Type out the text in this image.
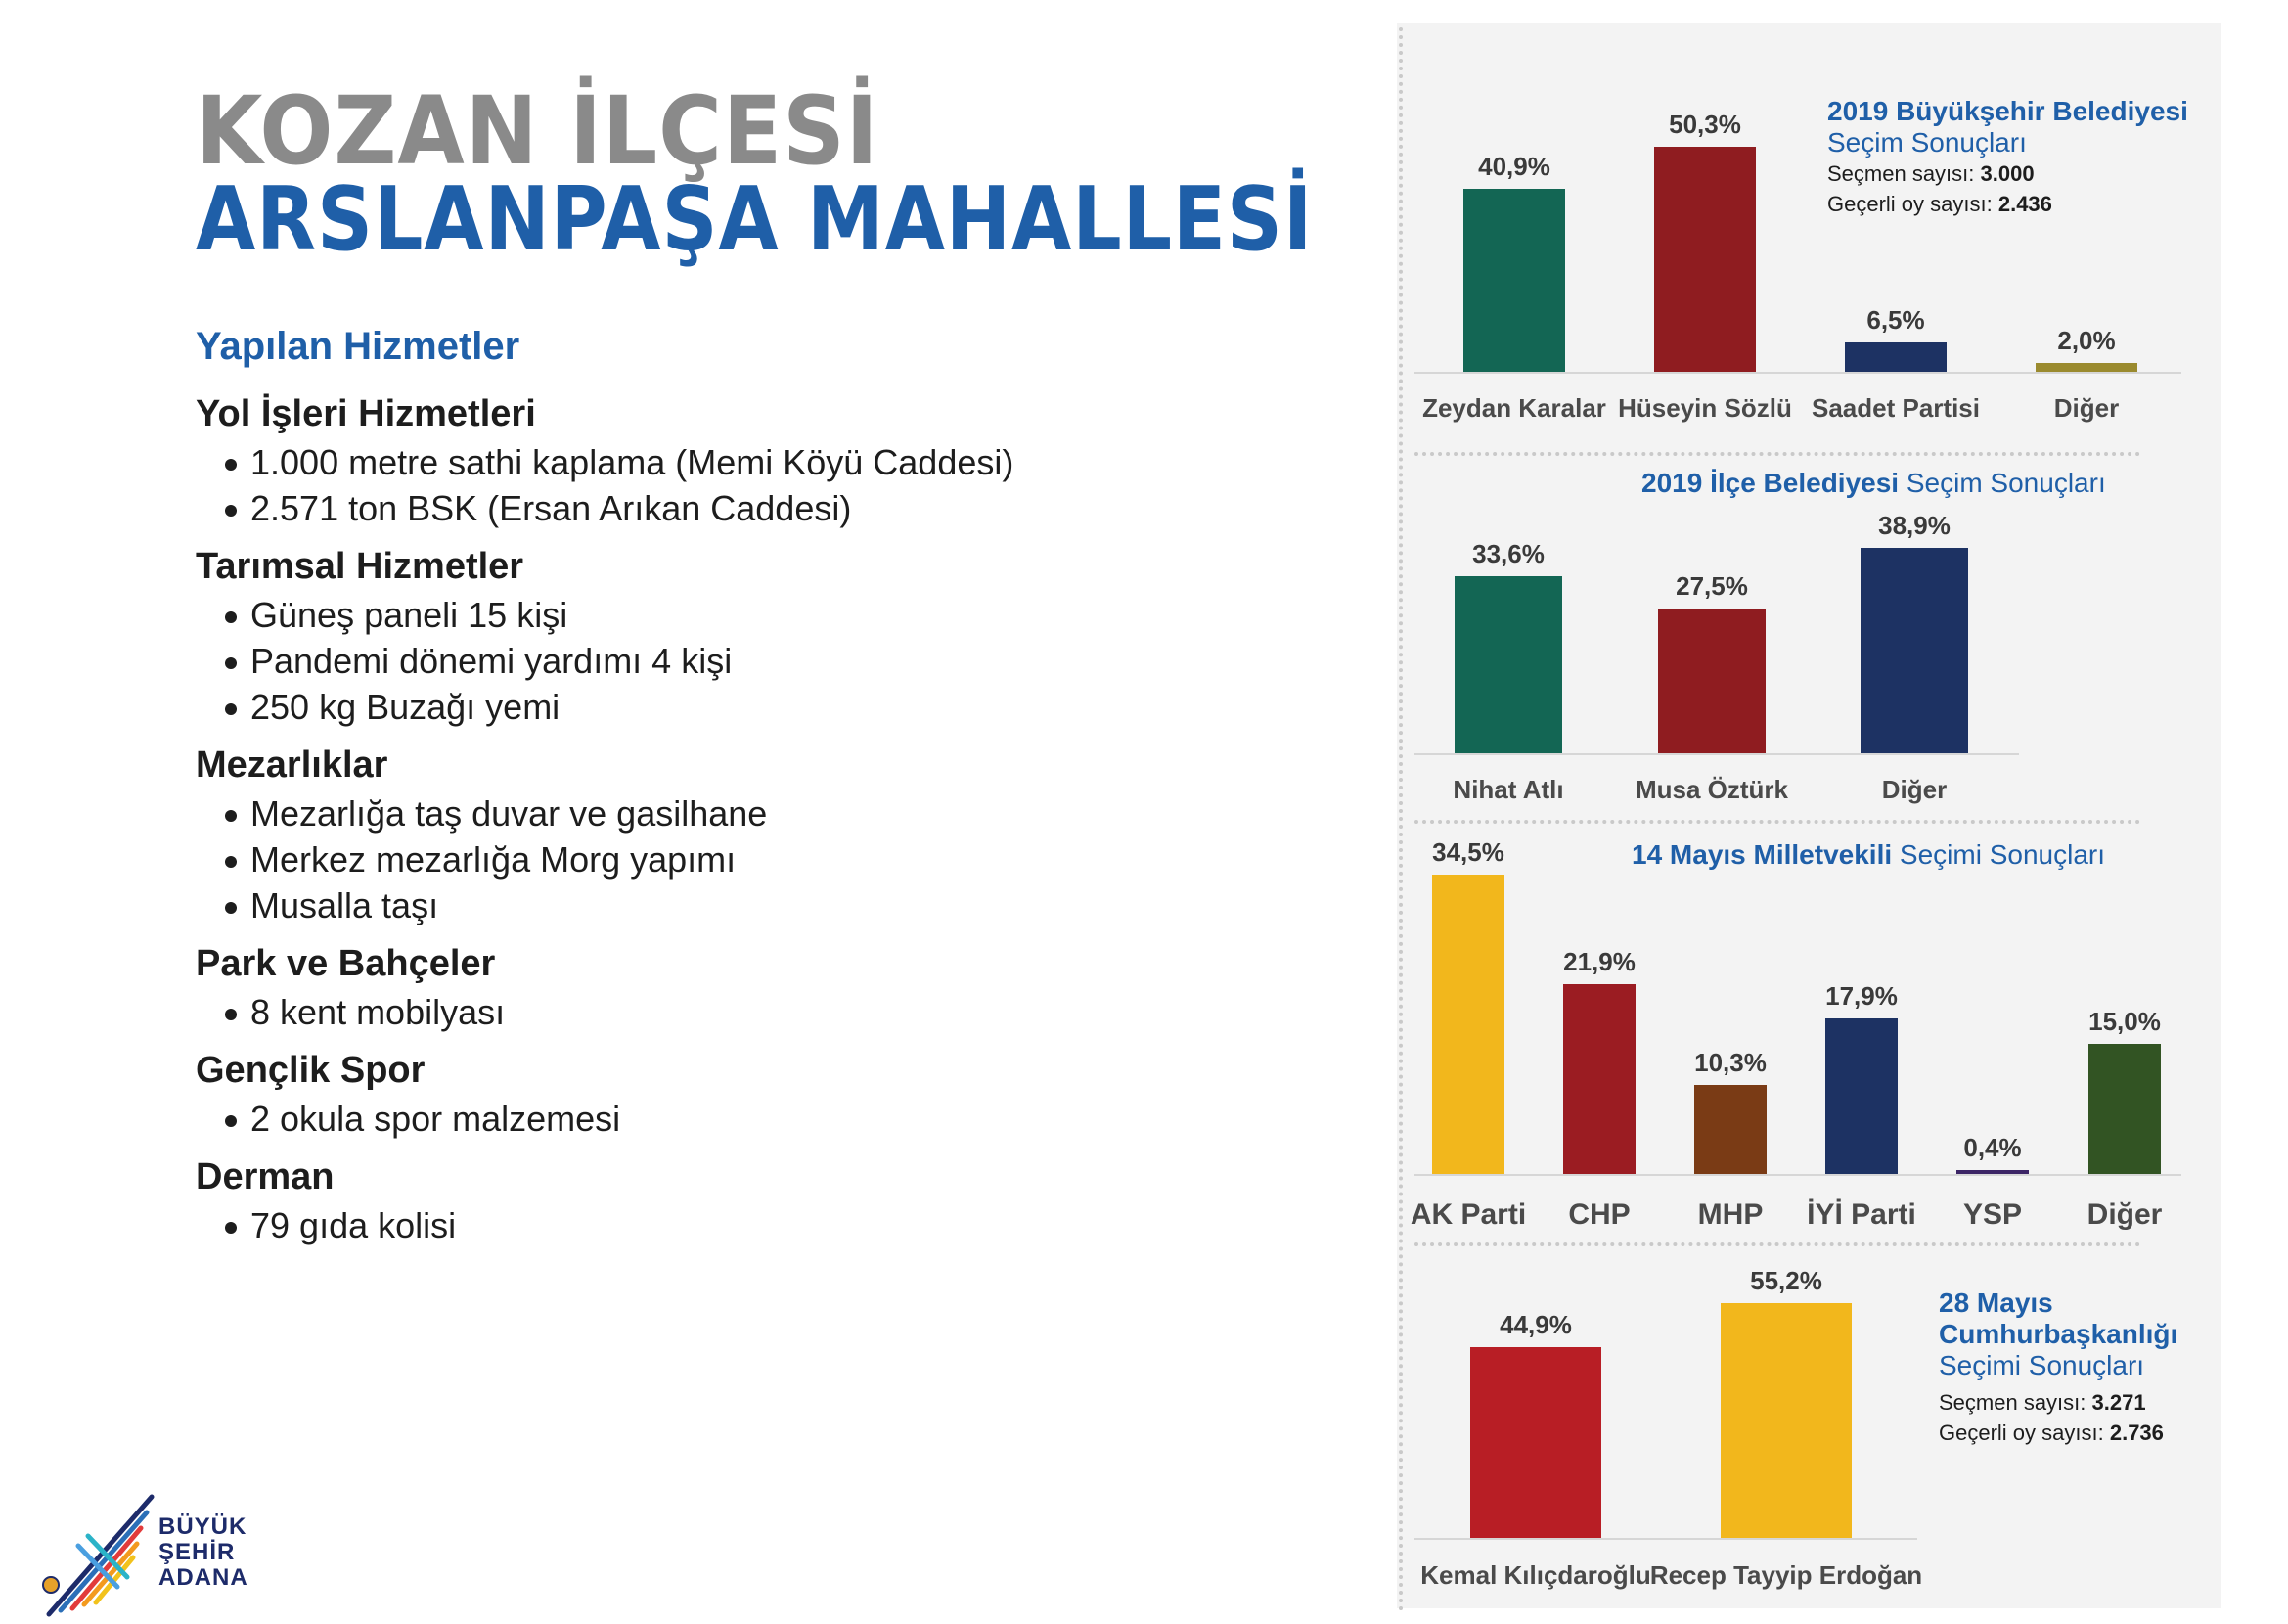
KOZAN İLÇESİ
ARSLANPAŞA MAHALLESİ
Yapılan Hizmetler
Yol İşleri Hizmetleri
1.000 metre sathi kaplama (Memi Köyü Caddesi)
2.571 ton BSK (Ersan Arıkan Caddesi)
Tarımsal Hizmetler
Güneş paneli 15 kişi
Pandemi dönemi yardımı 4 kişi
250 kg Buzağı yemi
Mezarlıklar
Mezarlığa taş duvar ve gasilhane
Merkez mezarlığa Morg yapımı
Musalla taşı
Park ve Bahçeler
8 kent mobilyası
Gençlik Spor
2 okula spor malzemesi
Derman
79 gıda kolisi
BÜYÜK
ŞEHİR
ADANA
2019 Büyükşehir Belediyesi
Seçim Sonuçları
Seçmen sayısı: 3.000
Geçerli oy sayısı: 2.436
2019 İlçe Belediyesi Seçim Sonuçları
14 Mayıs Milletvekili Seçimi Sonuçları
28 Mayıs Cumhurbaşkanlığı
Seçimi Sonuçları
Seçmen sayısı: 3.271
Geçerli oy sayısı: 2.736
40,9%
Zeydan Karalar
50,3%
Hüseyin Sözlü
6,5%
Saadet Partisi
2,0%
Diğer
33,6%
Nihat Atlı
27,5%
Musa Öztürk
38,9%
Diğer
34,5%
AK Parti
21,9%
CHP
10,3%
MHP
17,9%
İYİ Parti
0,4%
YSP
15,0%
Diğer
44,9%
Kemal Kılıçdaroğlu
55,2%
Recep Tayyip Erdoğan
